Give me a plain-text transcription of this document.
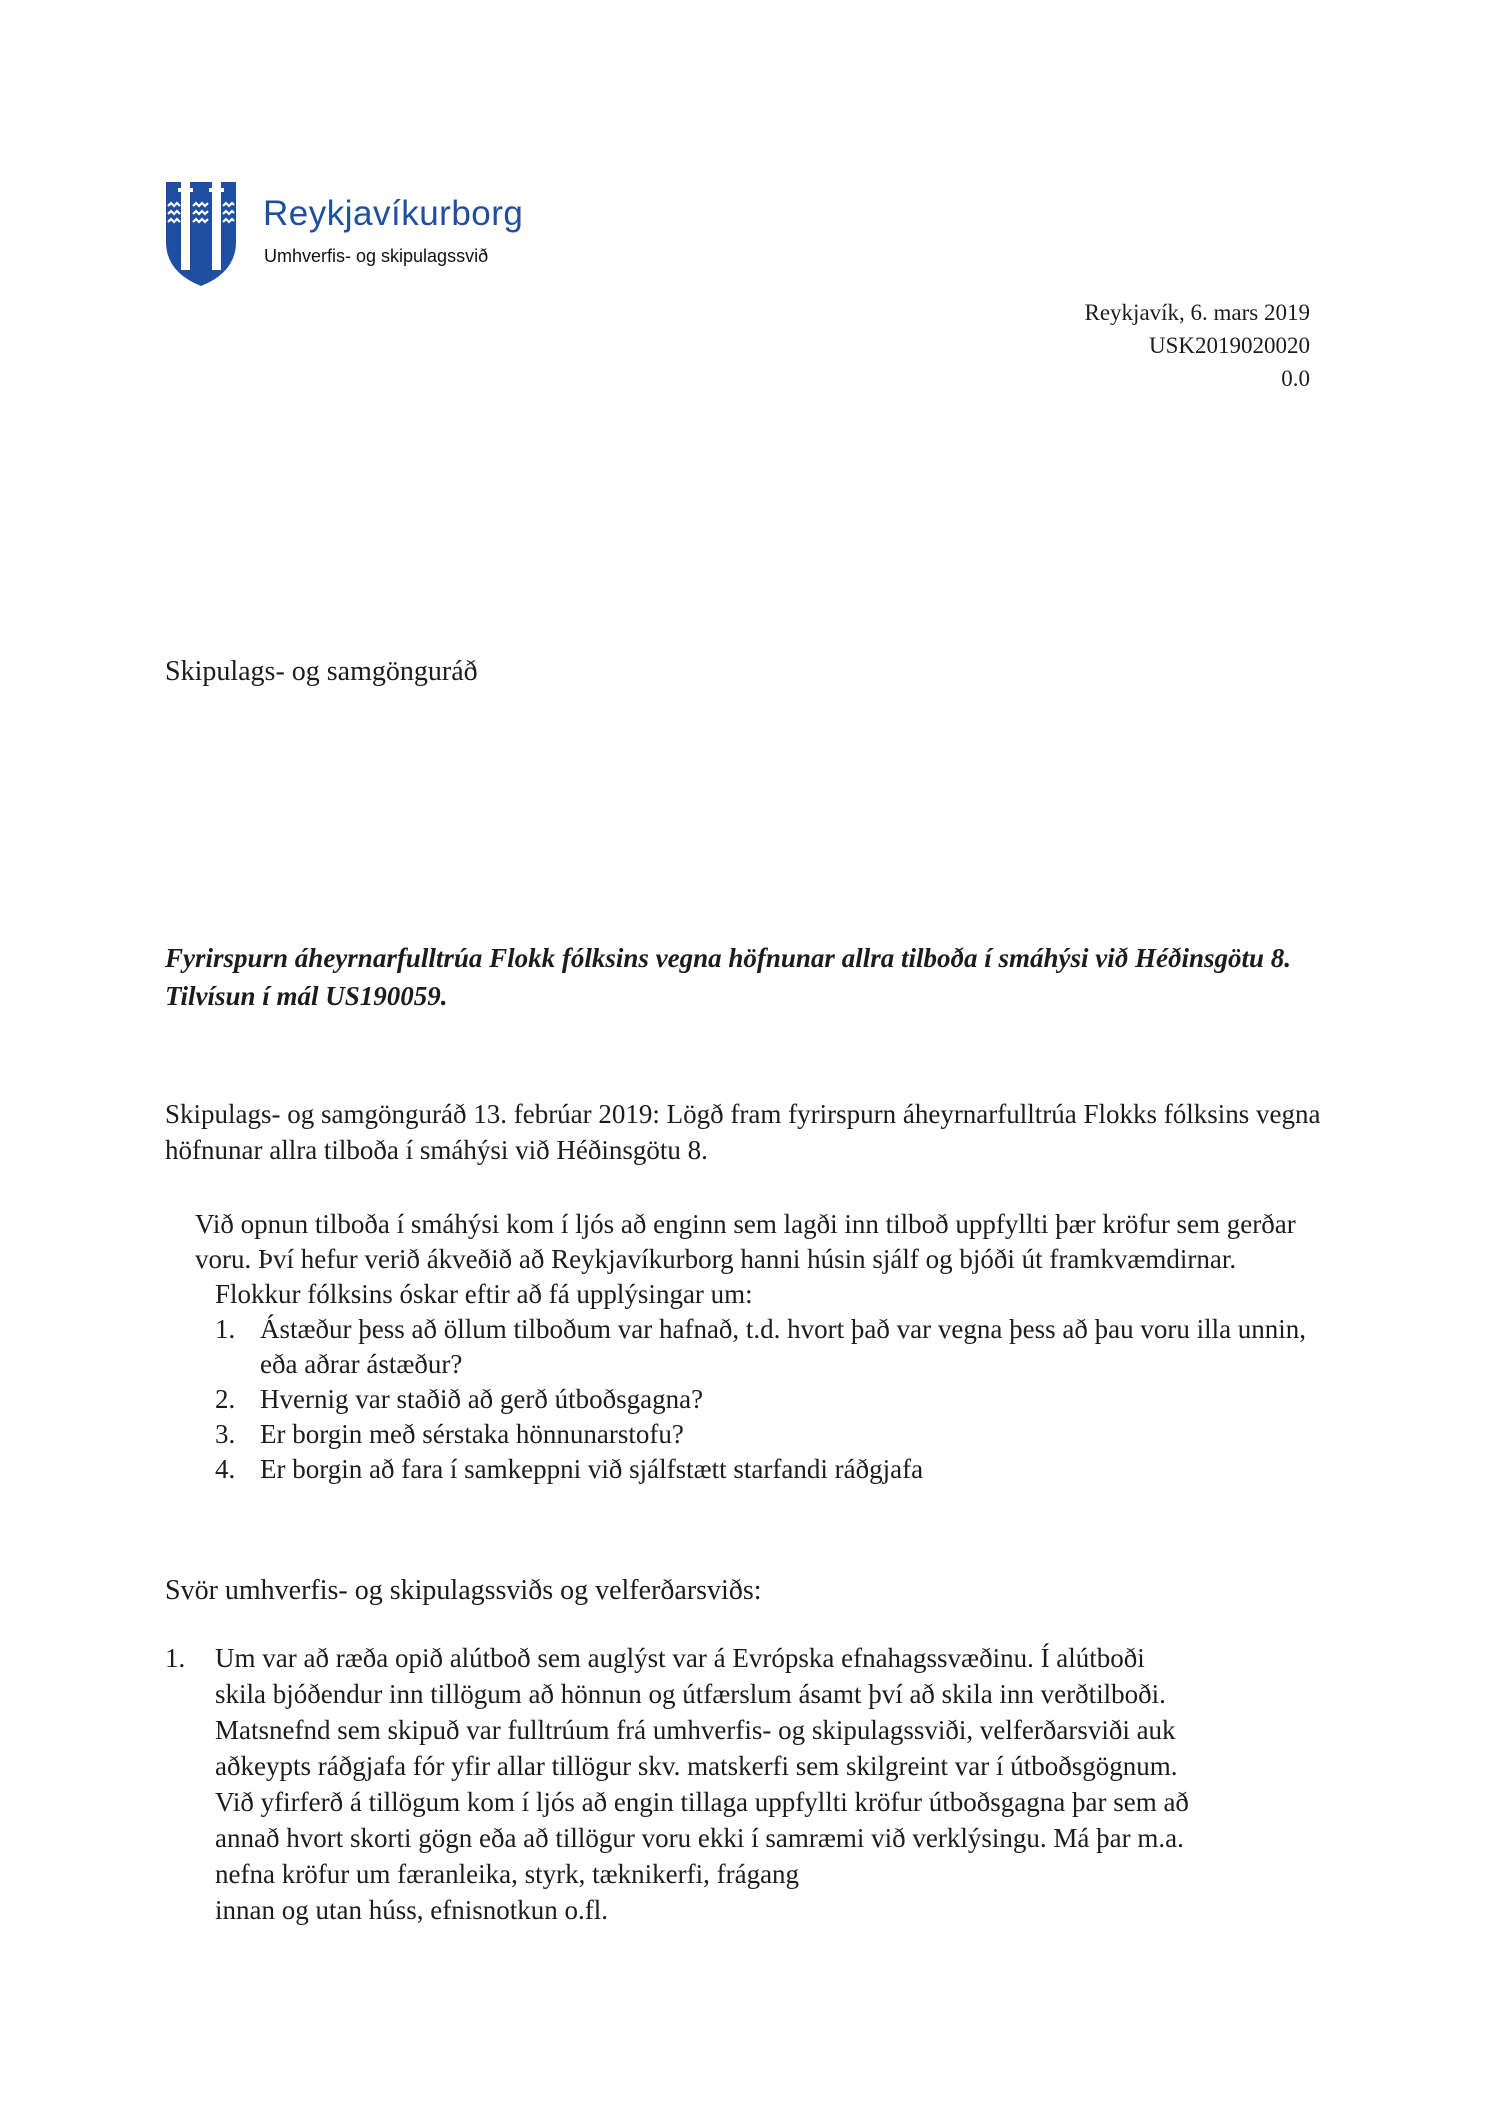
Reykjavíkurborg
Umhverfis- og skipulagssvið
Reykjavík, 6. mars 2019
USK2019020020
0.0
Skipulags- og samgönguráð
Fyrirspurn áheyrnarfulltrúa Flokk fólksins vegna höfnunar allra tilboða í smáhýsi við Héðinsgötu 8. Tilvísun í mál US190059.
Skipulags- og samgönguráð 13. febrúar 2019: Lögð fram fyrirspurn áheyrnarfulltrúa Flokks fólksins vegna höfnunar allra tilboða í smáhýsi við Héðinsgötu 8.
Við opnun tilboða í smáhýsi kom í ljós að enginn sem lagði inn tilboð uppfyllti þær kröfur sem gerðar voru. Því hefur verið ákveðið að Reykjavíkurborg hanni húsin sjálf og bjóði út framkvæmdirnar.
Flokkur fólksins óskar eftir að fá upplýsingar um:
1. Ástæður þess að öllum tilboðum var hafnað, t.d. hvort það var vegna þess að þau voru illa unnin, eða aðrar ástæður?
2. Hvernig var staðið að gerð útboðsgagna?
3. Er borgin með sérstaka hönnunarstofu?
4. Er borgin að fara í samkeppni við sjálfstætt starfandi ráðgjafa
Svör umhverfis- og skipulagssviðs og velferðarsviðs:
1.	Um var að ræða opið alútboð sem auglýst var á Evrópska efnahagssvæðinu. Í alútboði
skila bjóðendur inn tillögum að hönnun og útfærslum ásamt því að skila inn verðtilboði.
Matsnefnd sem skipuð var fulltrúum frá umhverfis- og skipulagssviði, velferðarsviði auk
aðkeypts ráðgjafa fór yfir allar tillögur skv. matskerfi sem skilgreint var í útboðsgögnum.
Við yfirferð á tillögum kom í ljós að engin tillaga uppfyllti kröfur útboðsgagna þar sem að
annað hvort skorti gögn eða að tillögur voru ekki í samræmi við verklýsingu. Má þar m.a.
nefna kröfur um færanleika, styrk, tæknikerfi, frágang
innan og utan húss, efnisnotkun o.fl.
